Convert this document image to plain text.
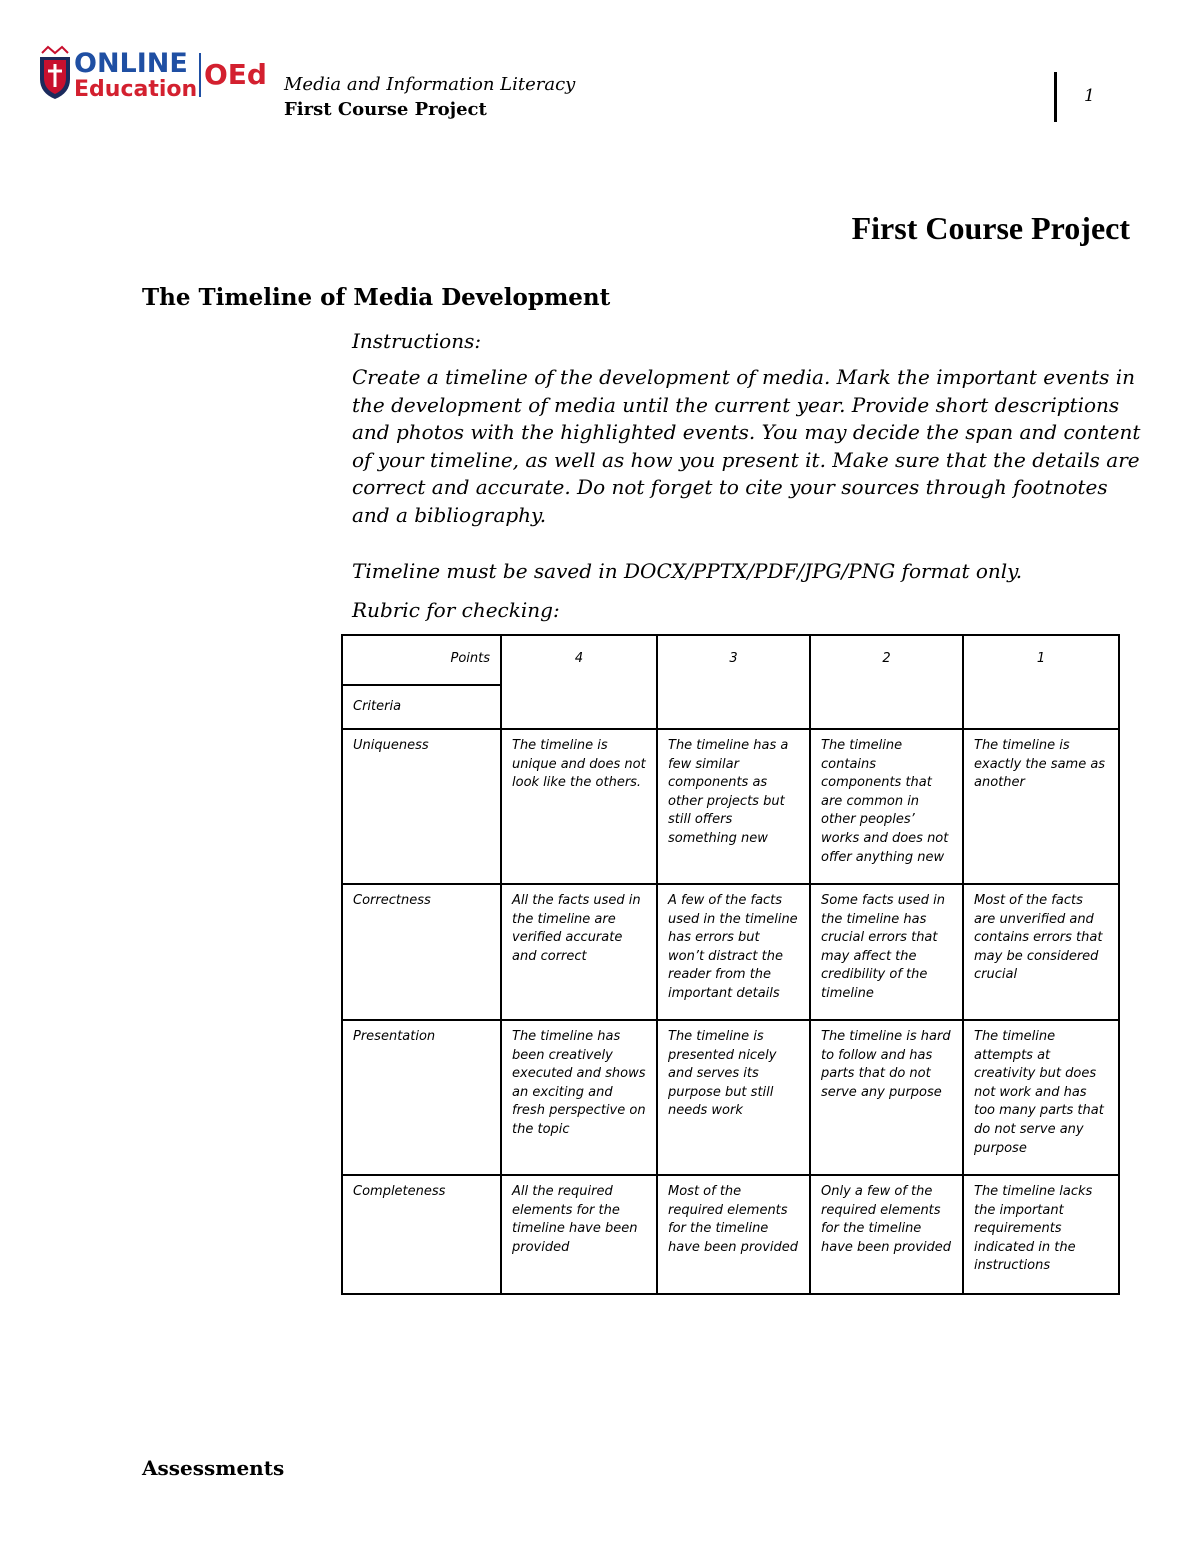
ONLINE
Education OEd Media and Information Literacy
First Course Project
1
First Course Project
The Timeline of Media Development
Instructions:
Create a timeline of the development of media. Mark the important events in the development of media until the current year. Provide short descriptions and photos with the highlighted events. You may decide the span and content of your timeline, as well as how you present it. Make sure that the details are correct and accurate. Do not forget to cite your sources through footnotes and a bibliography.
Timeline must be saved in DOCX/PPTX/PDF/JPG/PNG format only.
Rubric for checking:
Points	4	3	2	1
Criteria				
Uniqueness	The timeline is unique and does not look like the others.	The timeline has a few similar components as other projects but still offers something new	The timeline contains components that are common in other peoples’ works and does not offer anything new	The timeline is exactly the same as another
Correctness	All the facts used in the timeline are verified accurate and correct	A few of the facts used in the timeline has errors but won’t distract the reader from the important details	Some facts used in the timeline has crucial errors that may affect the credibility of the timeline	Most of the facts are unverified and contains errors that may be considered crucial
Presentation	The timeline has been creatively executed and shows an exciting and fresh perspective on the topic	The timeline is presented nicely and serves its purpose but still needs work	The timeline is hard to follow and has parts that do not serve any purpose	The timeline attempts at creativity but does not work and has too many parts that do not serve any purpose
Completeness	All the required elements for the timeline have been provided	Most of the required elements for the timeline have been provided	Only a few of the required elements for the timeline have been provided	The timeline lacks the important requirements indicated in the instructions
Assessments
